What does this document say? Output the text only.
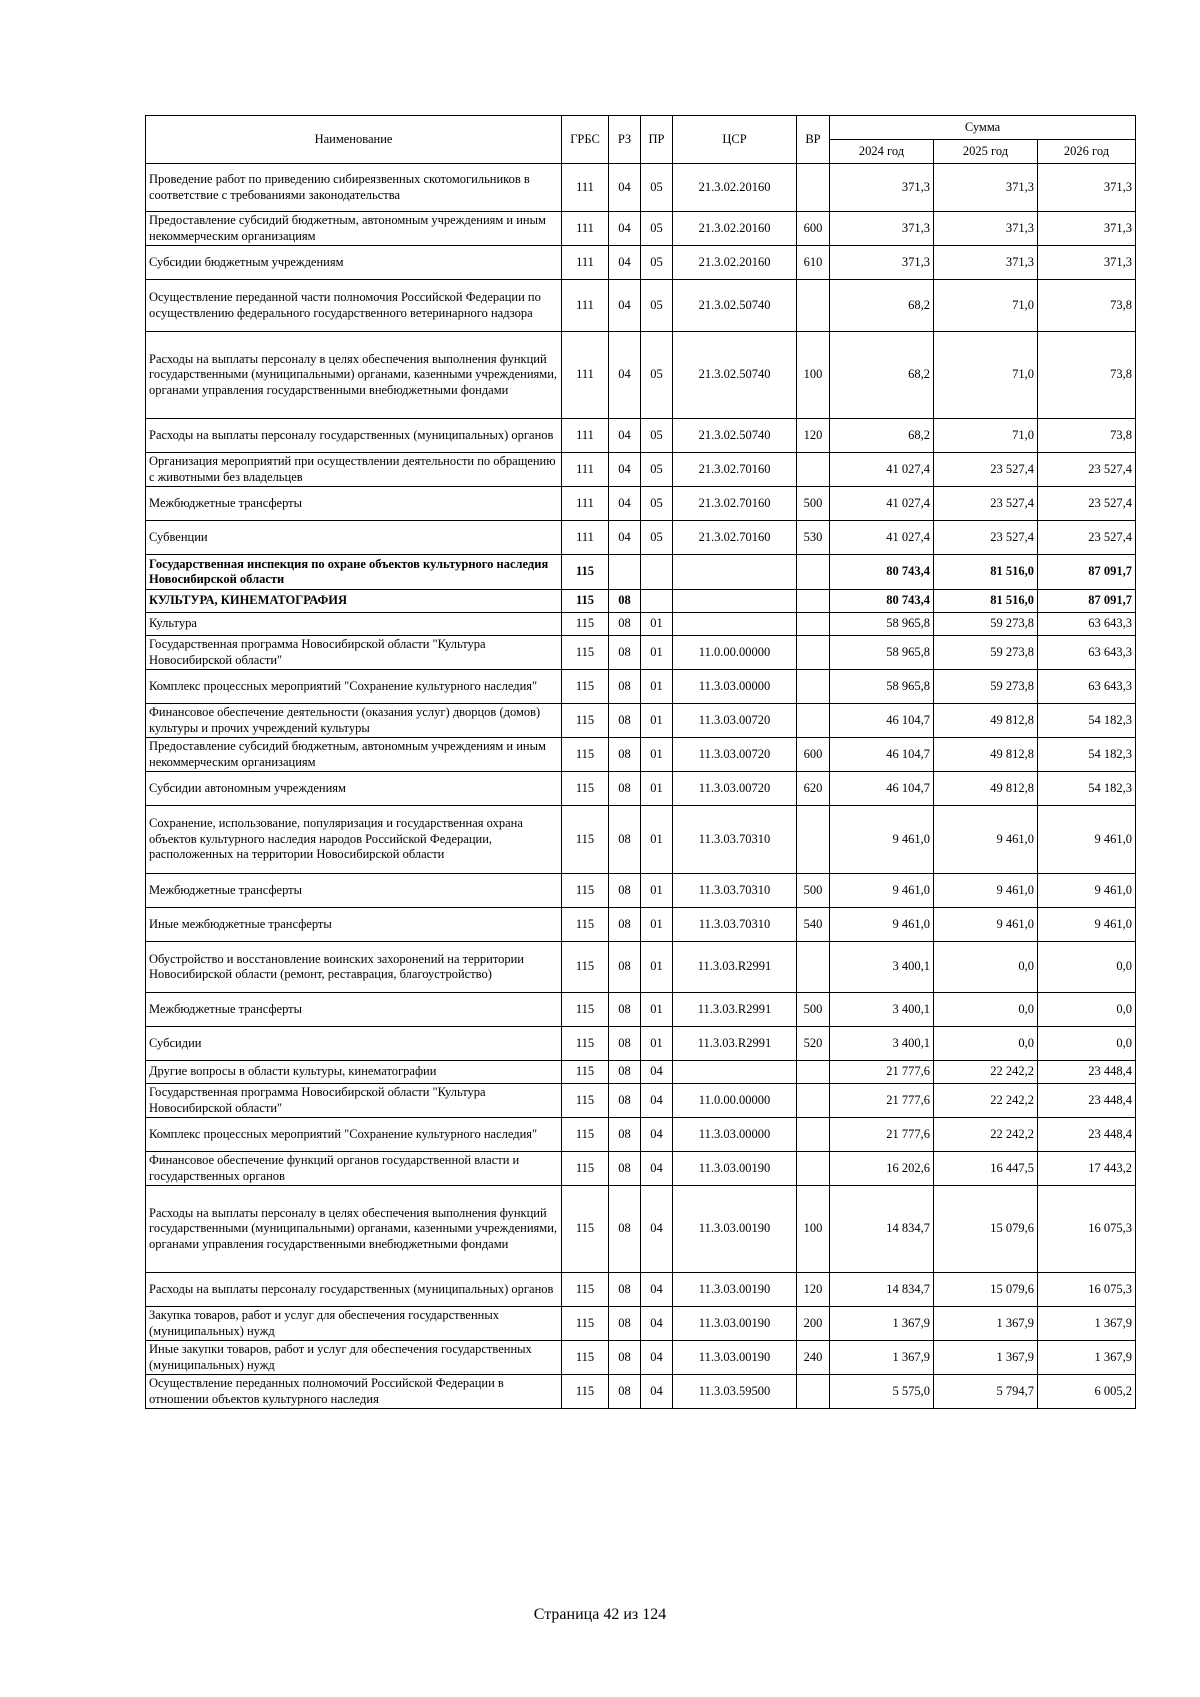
Наименование	ГРБС	РЗ	ПР	ЦСР	ВР	Сумма		
						2024 год	2025 год	2026 год
Проведение работ по приведению сибиреязвенных скотомогильников в соответствие с требованиями законодательства	111	04	05	21.3.02.20160		371,3	371,3	371,3
Предоставление субсидий бюджетным, автономным учреждениям и иным некоммерческим организациям	111	04	05	21.3.02.20160	600	371,3	371,3	371,3
Субсидии бюджетным учреждениям	111	04	05	21.3.02.20160	610	371,3	371,3	371,3
Осуществление переданной части полномочия Российской Федерации по осуществлению федерального государственного ветеринарного надзора	111	04	05	21.3.02.50740		68,2	71,0	73,8
Расходы на выплаты персоналу в целях обеспечения выполнения функций государственными (муниципальными) органами, казенными учреждениями, органами управления государственными внебюджетными фондами	111	04	05	21.3.02.50740	100	68,2	71,0	73,8
Расходы на выплаты персоналу государственных (муниципальных) органов	111	04	05	21.3.02.50740	120	68,2	71,0	73,8
Организация мероприятий при осуществлении деятельности по обращению с животными без владельцев	111	04	05	21.3.02.70160		41 027,4	23 527,4	23 527,4
Межбюджетные трансферты	111	04	05	21.3.02.70160	500	41 027,4	23 527,4	23 527,4
Субвенции	111	04	05	21.3.02.70160	530	41 027,4	23 527,4	23 527,4
Государственная инспекция по охране объектов культурного наследия Новосибирской области	115					80 743,4	81 516,0	87 091,7
КУЛЬТУРА, КИНЕМАТОГРАФИЯ	115	08				80 743,4	81 516,0	87 091,7
Культура	115	08	01			58 965,8	59 273,8	63 643,3
Государственная программа Новосибирской области "Культура Новосибирской области"	115	08	01	11.0.00.00000		58 965,8	59 273,8	63 643,3
Комплекс процессных мероприятий "Сохранение культурного наследия"	115	08	01	11.3.03.00000		58 965,8	59 273,8	63 643,3
Финансовое обеспечение деятельности (оказания услуг) дворцов (домов) культуры и прочих учреждений культуры	115	08	01	11.3.03.00720		46 104,7	49 812,8	54 182,3
Предоставление субсидий бюджетным, автономным учреждениям и иным некоммерческим организациям	115	08	01	11.3.03.00720	600	46 104,7	49 812,8	54 182,3
Субсидии автономным учреждениям	115	08	01	11.3.03.00720	620	46 104,7	49 812,8	54 182,3
Сохранение, использование, популяризация и государственная охрана объектов культурного наследия народов Российской Федерации, расположенных на территории Новосибирской области	115	08	01	11.3.03.70310		9 461,0	9 461,0	9 461,0
Межбюджетные трансферты	115	08	01	11.3.03.70310	500	9 461,0	9 461,0	9 461,0
Иные межбюджетные трансферты	115	08	01	11.3.03.70310	540	9 461,0	9 461,0	9 461,0
Обустройство и восстановление воинских захоронений на территории Новосибирской области (ремонт, реставрация, благоустройство)	115	08	01	11.3.03.R2991		3 400,1	0,0	0,0
Межбюджетные трансферты	115	08	01	11.3.03.R2991	500	3 400,1	0,0	0,0
Субсидии	115	08	01	11.3.03.R2991	520	3 400,1	0,0	0,0
Другие вопросы в области культуры, кинематографии	115	08	04			21 777,6	22 242,2	23 448,4
Государственная программа Новосибирской области "Культура Новосибирской области"	115	08	04	11.0.00.00000		21 777,6	22 242,2	23 448,4
Комплекс процессных мероприятий "Сохранение культурного наследия"	115	08	04	11.3.03.00000		21 777,6	22 242,2	23 448,4
Финансовое обеспечение функций органов государственной власти и государственных органов	115	08	04	11.3.03.00190		16 202,6	16 447,5	17 443,2
Расходы на выплаты персоналу в целях обеспечения выполнения функций государственными (муниципальными) органами, казенными учреждениями, органами управления государственными внебюджетными фондами	115	08	04	11.3.03.00190	100	14 834,7	15 079,6	16 075,3
Расходы на выплаты персоналу государственных (муниципальных) органов	115	08	04	11.3.03.00190	120	14 834,7	15 079,6	16 075,3
Закупка товаров, работ и услуг для обеспечения государственных (муниципальных) нужд	115	08	04	11.3.03.00190	200	1 367,9	1 367,9	1 367,9
Иные закупки товаров, работ и услуг для обеспечения государственных (муниципальных) нужд	115	08	04	11.3.03.00190	240	1 367,9	1 367,9	1 367,9
Осуществление переданных полномочий Российской Федерации в отношении объектов культурного наследия	115	08	04	11.3.03.59500		5 575,0	5 794,7	6 005,2
Страница 42 из 124
